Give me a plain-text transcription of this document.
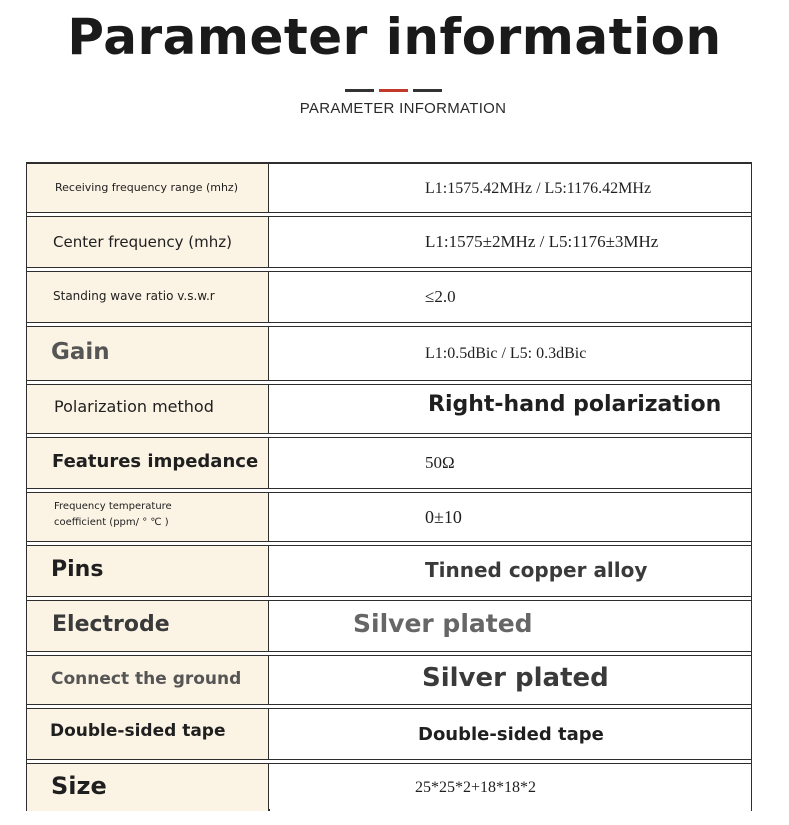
Parameter information
PARAMETER INFORMATION
Receiving frequency range (mhz)	L1:1575.42MHz / L5:1176.42MHz
Center frequency (mhz)	L1:1575±2MHz / L5:1176±3MHz
Standing wave ratio v.s.w.r	≤2.0
Gain	L1:0.5dBic / L5: 0.3dBic
Polarization method	Right-hand polarization
Features impedance	50Ω
Frequency temperature
coefficient (ppm/ ° ℃ )	0±10
Pins	Tinned copper alloy
Electrode	Silver plated
Connect the ground	Silver plated
Double-sided tape	Double-sided tape
Size	25*25*2+18*18*2
